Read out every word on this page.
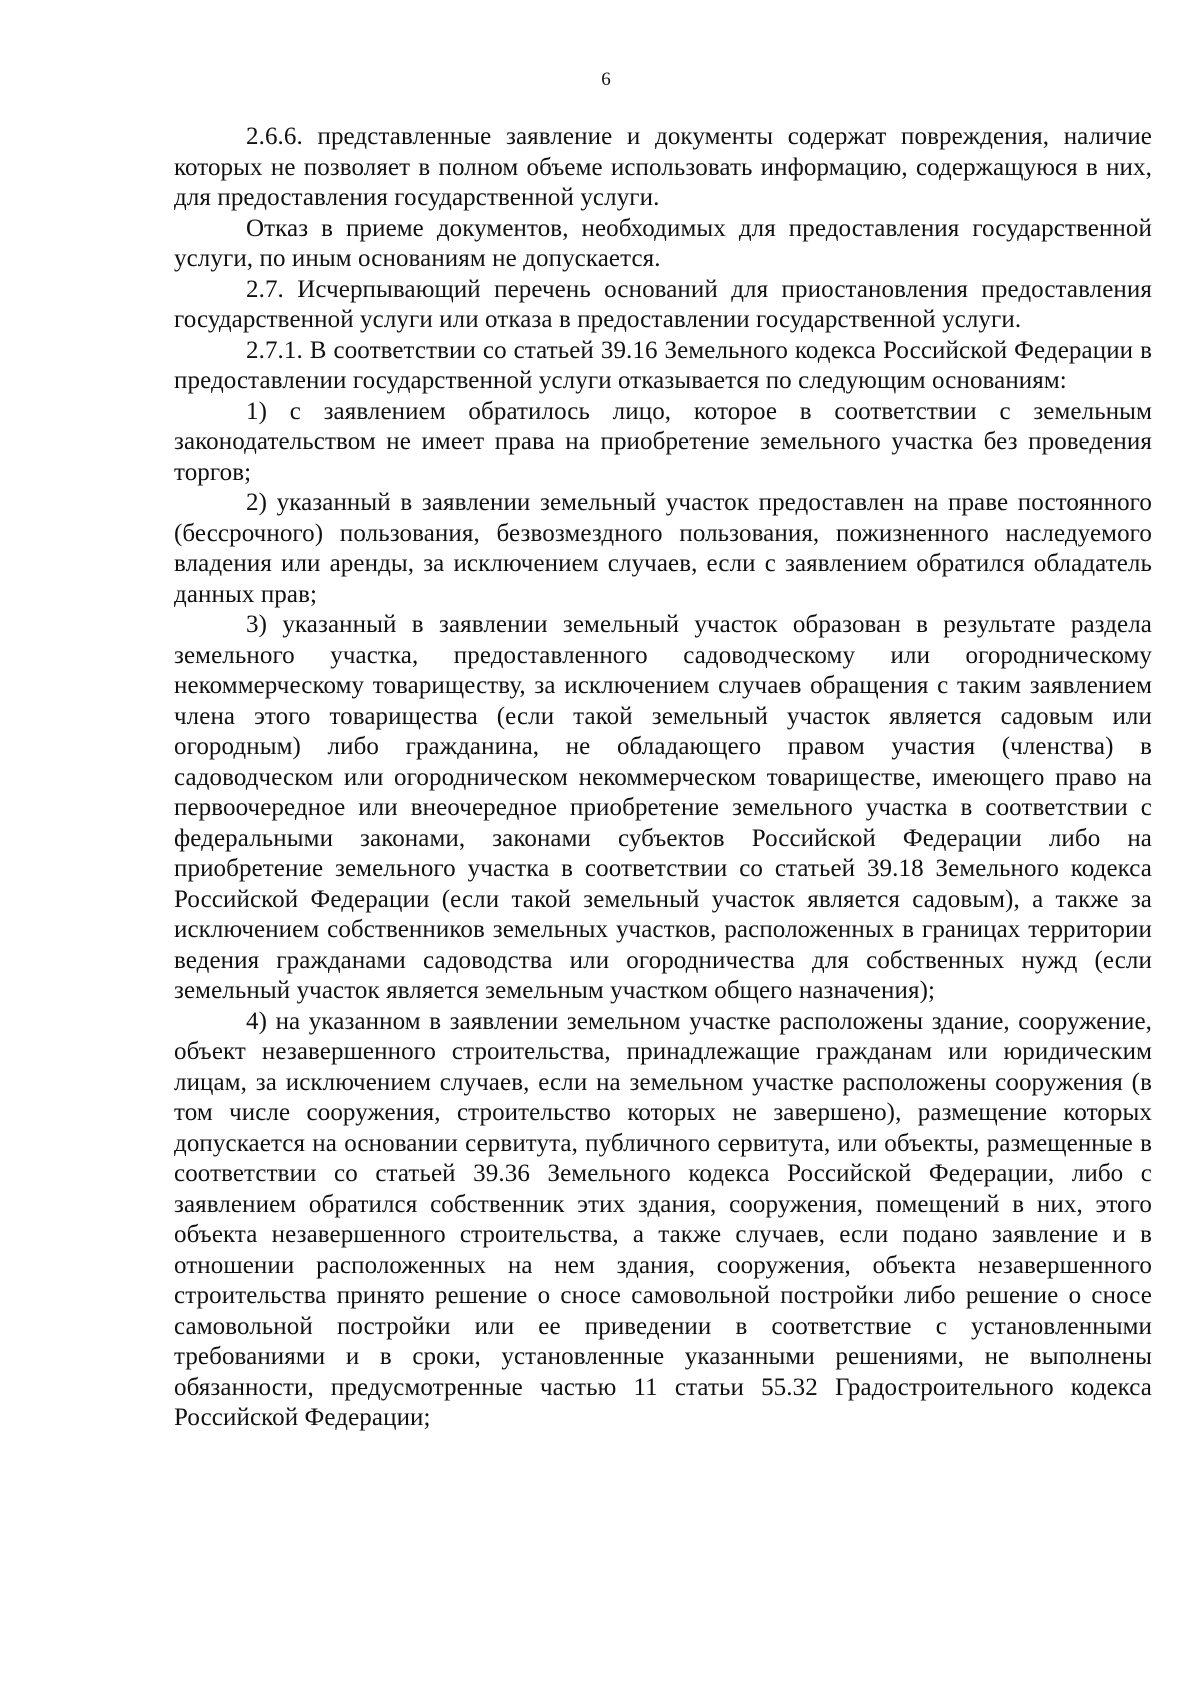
6

2.6.6. представленные заявление и документы содержат повреждения, наличие которых не позволяет в полном объеме использовать информацию, содержащуюся в них, для предоставления государственной услуги.

Отказ в приеме документов, необходимых для предоставления государственной услуги, по иным основаниям не допускается.

2.7. Исчерпывающий перечень оснований для приостановления предоставления государственной услуги или отказа в предоставлении государственной услуги.

2.7.1. В соответствии со статьей 39.16 Земельного кодекса Российской Федерации в предоставлении государственной услуги отказывается по следующим основаниям:

1) с заявлением обратилось лицо, которое в соответствии с земельным законодательством не имеет права на приобретение земельного участка без проведения торгов;

2) указанный в заявлении земельный участок предоставлен на праве постоянного (бессрочного) пользования, безвозмездного пользования, пожизненного наследуемого владения или аренды, за исключением случаев, если с заявлением обратился обладатель данных прав;

3) указанный в заявлении земельный участок образован в результате раздела земельного участка, предоставленного садоводческому или огородническому некоммерческому товариществу, за исключением случаев обращения с таким заявлением члена этого товарищества (если такой земельный участок является садовым или огородным) либо гражданина, не обладающего правом участия (членства) в садоводческом или огородническом некоммерческом товариществе, имеющего право на первоочередное или внеочередное приобретение земельного участка в соответствии с федеральными законами, законами субъектов Российской Федерации либо на приобретение земельного участка в соответствии со статьей 39.18 Земельного кодекса Российской Федерации (если такой земельный участок является садовым), а также за исключением собственников земельных участков, расположенных в границах территории ведения гражданами садоводства или огородничества для собственных нужд (если земельный участок является земельным участком общего назначения);

4) на указанном в заявлении земельном участке расположены здание, сооружение, объект незавершенного строительства, принадлежащие гражданам или юридическим лицам, за исключением случаев, если на земельном участке расположены сооружения (в том числе сооружения, строительство которых не завершено), размещение которых допускается на основании сервитута, публичного сервитута, или объекты, размещенные в соответствии со статьей 39.36 Земельного кодекса Российской Федерации, либо с заявлением обратился собственник этих здания, сооружения, помещений в них, этого объекта незавершенного строительства, а также случаев, если подано заявление и в отношении расположенных на нем здания, сооружения, объекта незавершенного строительства принято решение о сносе самовольной постройки либо решение о сносе самовольной постройки или ее приведении в соответствие с установленными требованиями и в сроки, установленные указанными решениями, не выполнены обязанности, предусмотренные частью 11 статьи 55.32 Градостроительного кодекса Российской Федерации;
